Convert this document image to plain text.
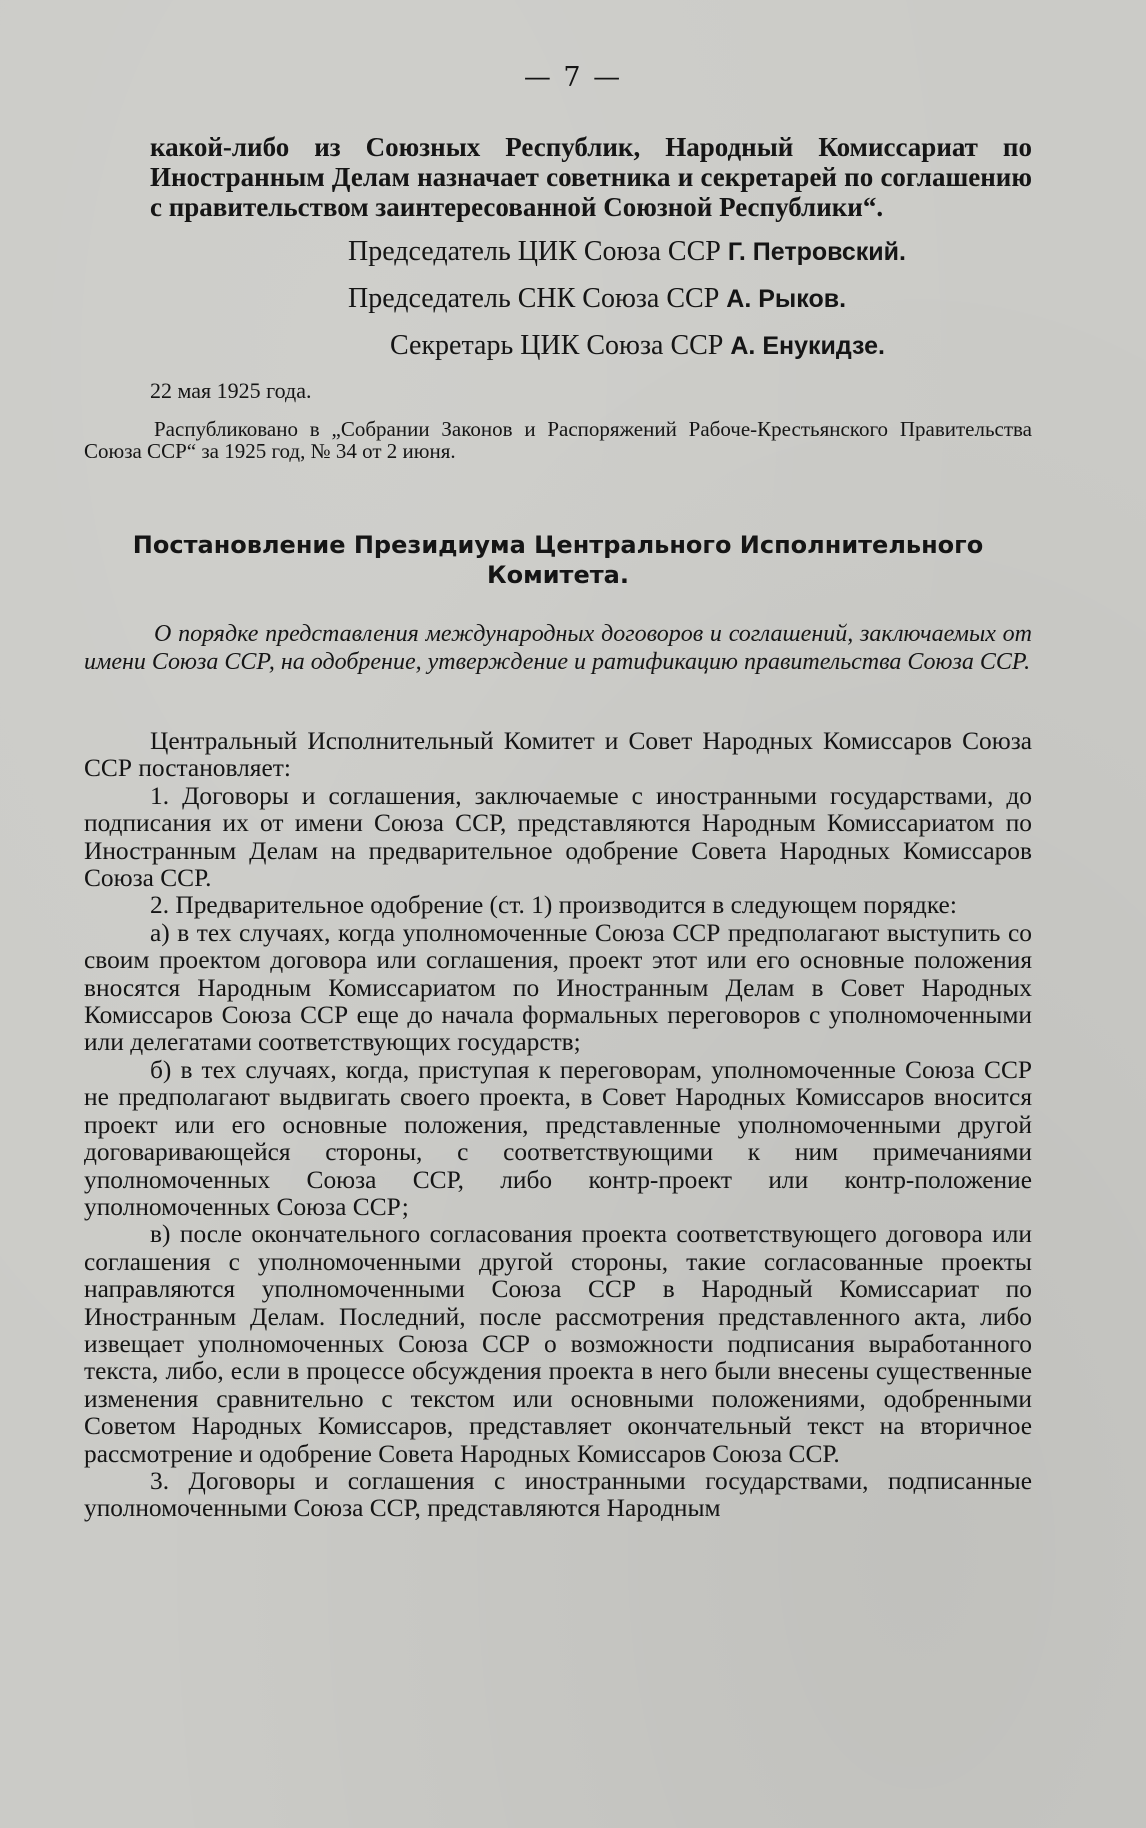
— 7 —
какой-либо из Союзных Республик, Народный Комиссариат по Иностранным Делам назначает советника и секретарей по соглашению с правительством заинтересованной Союзной Республики“.
Председатель ЦИК Союза ССР Г. Петровский.
Председатель СНК Союза ССР А. Рыков.
Секретарь ЦИК Союза ССР А. Енукидзе.
22 мая 1925 года.
Распубликовано в „Собрании Законов и Распоряжений Рабоче-Крестьянского Правительства Союза ССР“ за 1925 год, № 34 от 2 июня.
Постановление Президиума Центрального Исполнительного Комитета.
О порядке представления международных договоров и соглашений, заключаемых от имени Союза ССР, на одобрение, утверждение и ратификацию правительства Союза ССР.

Центральный Исполнительный Комитет и Совет Народных Комиссаров Союза ССР постановляет:

1. Договоры и соглашения, заключаемые с иностранными государствами, до подписания их от имени Союза ССР, представляются Народным Комиссариатом по Иностранным Делам на предварительное одобрение Совета Народных Комиссаров Союза ССР.

2. Предварительное одобрение (ст. 1) производится в следующем порядке:

а) в тех случаях, когда уполномоченные Союза ССР предполагают выступить со своим проектом договора или соглашения, проект этот или его основные положения вносятся Народным Комиссариатом по Иностранным Делам в Совет Народных Комиссаров Союза ССР еще до начала формальных переговоров с уполномоченными или делегатами соответствующих государств;

б) в тех случаях, когда, приступая к переговорам, уполномоченные Союза ССР не предполагают выдвигать своего проекта, в Совет Народных Комиссаров вносится проект или его основные положения, представленные уполномоченными другой договаривающейся стороны, с соответствующими к ним примечаниями уполномоченных Союза ССР, либо контр-проект или контр-положение уполномоченных Союза ССР;

в) после окончательного согласования проекта соответствующего договора или соглашения с уполномоченными другой стороны, такие согласованные проекты направляются уполномоченными Союза ССР в Народный Комиссариат по Иностранным Делам. Последний, после рассмотрения представленного акта, либо извещает уполномоченных Союза ССР о возможности подписания выработанного текста, либо, если в процессе обсуждения проекта в него были внесены существенные изменения сравнительно с текстом или основными положениями, одобренными Советом Народных Комиссаров, представляет окончательный текст на вторичное рассмотрение и одобрение Совета Народных Комиссаров Союза ССР.

3. Договоры и соглашения с иностранными государствами, подписанные уполномоченными Союза ССР, представляются Народным
